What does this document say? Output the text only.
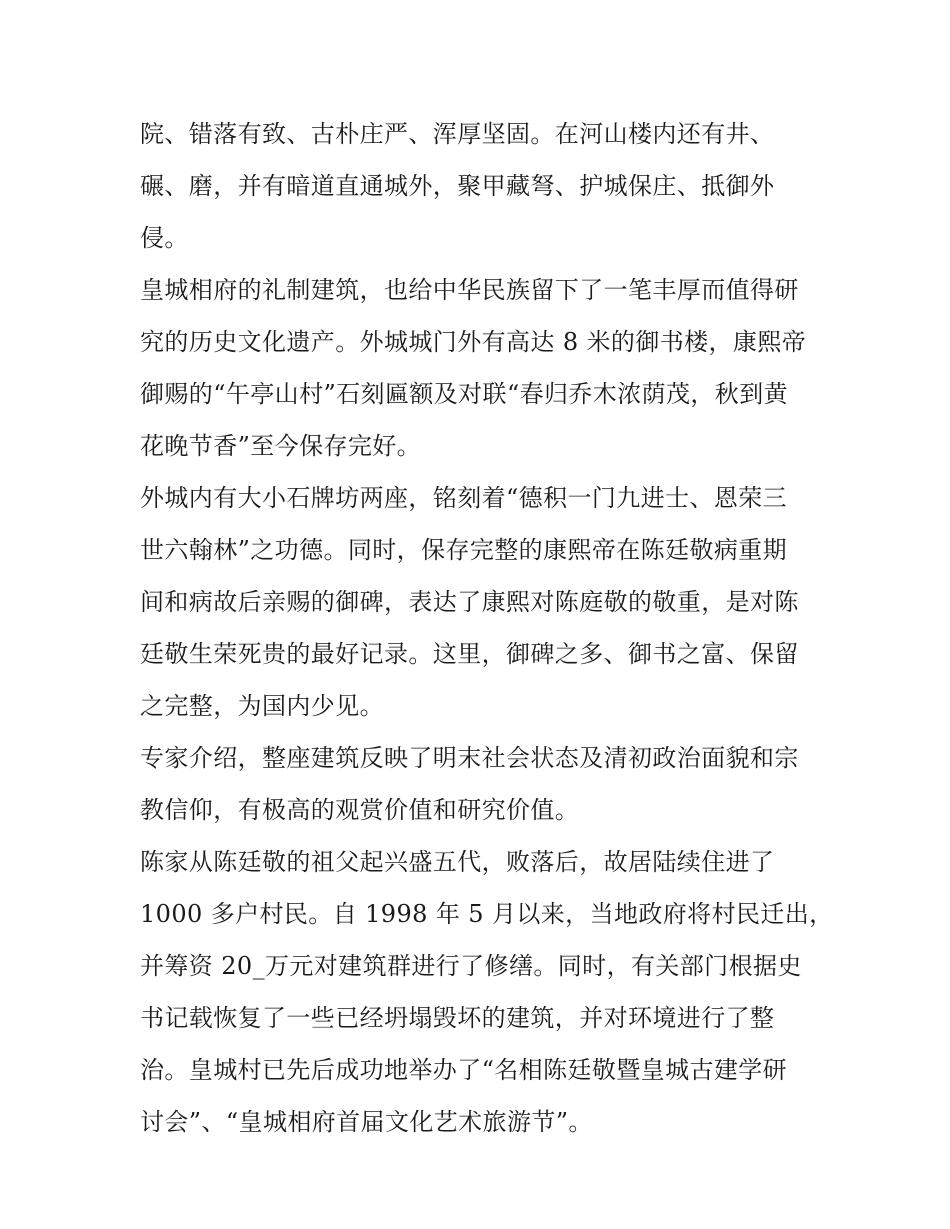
院、错落有致、古朴庄严、浑厚坚固。在河山楼内还有井、
碾、磨，并有暗道直通城外，聚甲藏弩、护城保庄、抵御外
侵。
皇城相府的礼制建筑，也给中华民族留下了一笔丰厚而值得研
究的历史文化遗产。外城城门外有高达 8 米的御书楼，康熙帝
御赐的“午亭山村”石刻匾额及对联“春归乔木浓荫茂，秋到黄
花晚节香”至今保存完好。
外城内有大小石牌坊两座，铭刻着“德积一门九进士、恩荣三
世六翰林”之功德。同时，保存完整的康熙帝在陈廷敬病重期
间和病故后亲赐的御碑，表达了康熙对陈庭敬的敬重，是对陈
廷敬生荣死贵的最好记录。这里，御碑之多、御书之富、保留
之完整，为国内少见。
专家介绍，整座建筑反映了明末社会状态及清初政治面貌和宗
教信仰，有极高的观赏价值和研究价值。
陈家从陈廷敬的祖父起兴盛五代，败落后，故居陆续住进了
1000 多户村民。自 1998 年 5 月以来，当地政府将村民迁出，
并筹资 20_万元对建筑群进行了修缮。同时，有关部门根据史
书记载恢复了一些已经坍塌毁坏的建筑，并对环境进行了整
治。皇城村已先后成功地举办了“名相陈廷敬暨皇城古建学研
讨会”、“皇城相府首届文化艺术旅游节”。
